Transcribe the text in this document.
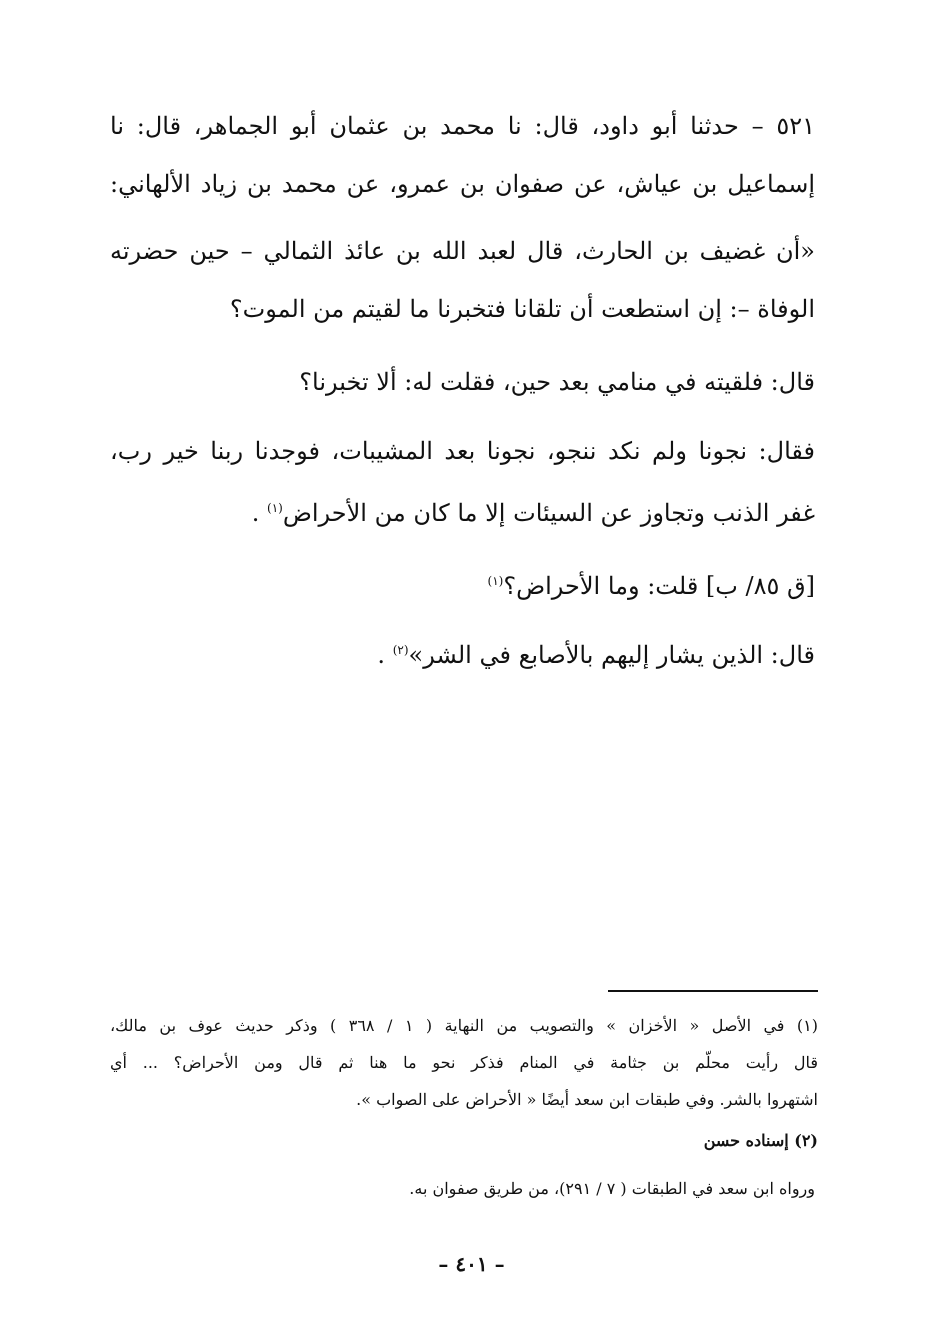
٥٢١ – حدثنا أبو داود، قال: نا محمد بن عثمان أبو الجماهر، قال: نا
إسماعيل بن عياش، عن صفوان بن عمرو، عن محمد بن زياد الألهاني:
«أن غضيف بن الحارث، قال لعبد الله بن عائذ الثمالي – حين حضرته
الوفاة –: إن استطعت أن تلقانا فتخبرنا ما لقيتم من الموت؟
قال: فلقيته في منامي بعد حين، فقلت له: ألا تخبرنا؟
فقال: نجونا ولم نكد ننجو، نجونا بعد المشيبات، فوجدنا ربنا خير رب،
غفر الذنب وتجاوز عن السيئات إلا ما كان من الأحراض$^{(١)}$ .
[ق ٨٥/ ب] قلت: وما الأحراض؟$^{(١)}$
قال: الذين يشار إليهم بالأصابع في الشر»$^{(٢)}$ .
(١) في الأصل « الأخزان » والتصويب من النهاية ( ١ / ٣٦٨ ) وذكر حديث عوف بن مالك،
قال رأيت محلّم بن جثامة في المنام فذكر نحو ما هنا ثم قال ومن الأحراض؟ ... أي
اشتهروا بالشر. وفي طبقات ابن سعد أيضًا « الأحراض على الصواب ».
(٢) إسناده حسن
ورواه ابن سعد في الطبقات ( ٧ / ٢٩١)، من طريق صفوان به.
– ٤٠١ –
